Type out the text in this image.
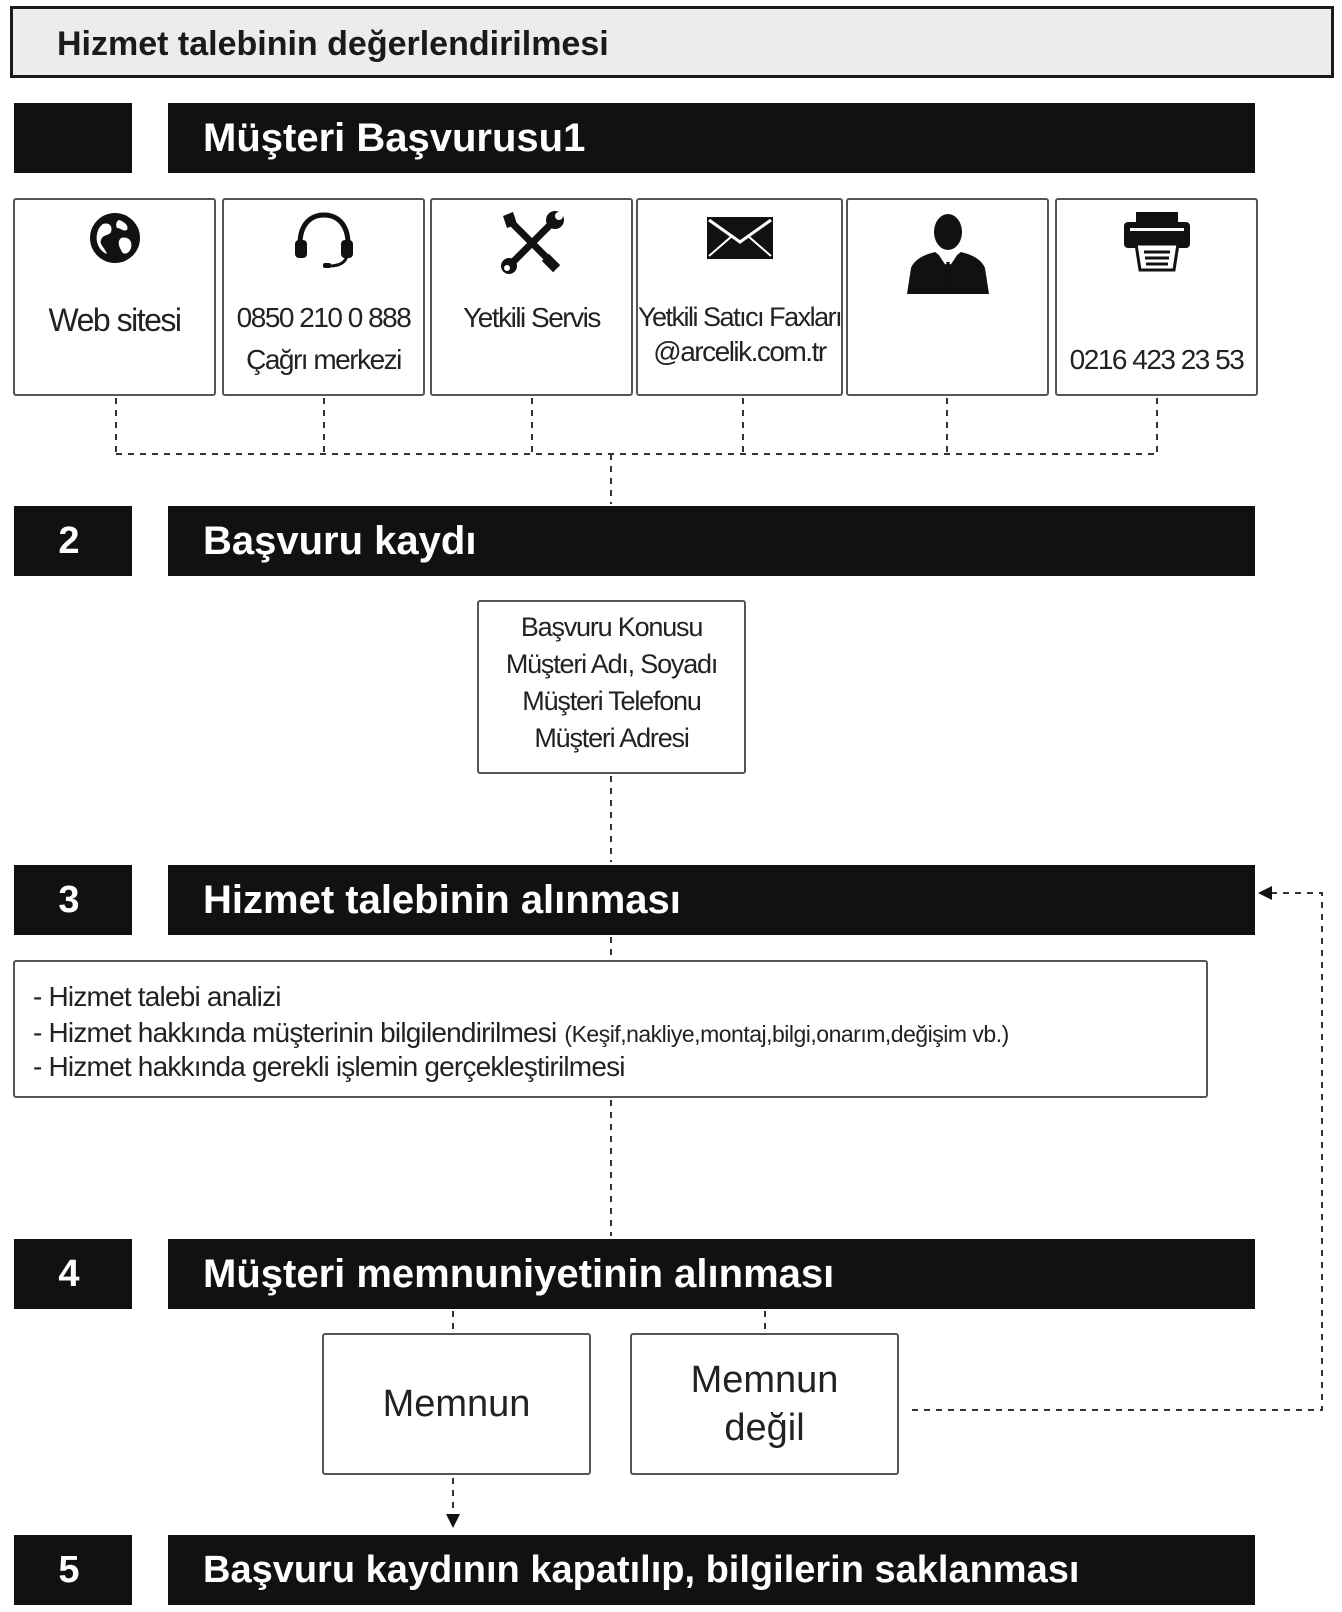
Hizmet talebinin değerlendirilmesi
Müşteri Başvurusu1
Web sitesi	0850 210 0 888
Çağrı merkezi
Yetkili Servis	Yetkili Satıcı Faxları
@arcelik.com.tr	0216 423 23 53
2	Başvuru kaydı
Başvuru Konusu
Müşteri Adı, Soyadı
Müşteri Telefonu
Müşteri Adresi
3	Hizmet talebinin alınması
- Hizmet talebi analizi
- Hizmet hakkında müşterinin bilgilendirilmesi (Keşif,nakliye,montaj,bilgi,onarım,değişim vb.)
- Hizmet hakkında gerekli işlemin gerçekleştirilmesi
4	Müşteri memnuniyetinin alınması
Memnun
Memnun
değil
5	Başvuru kaydının kapatılıp, bilgilerin saklanması
